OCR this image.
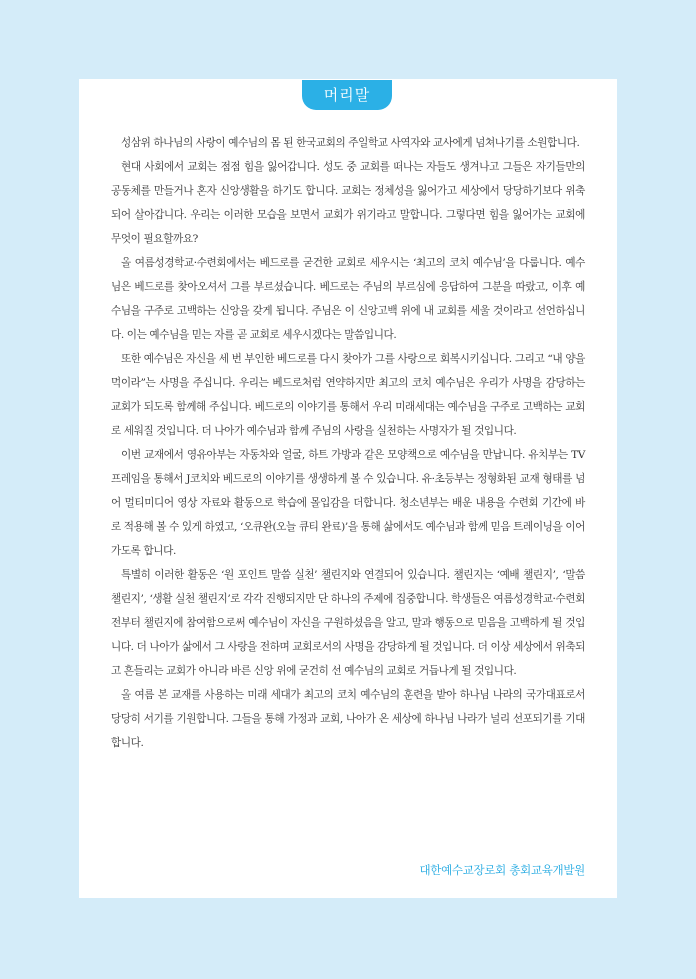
머리말

성삼위 하나님의 사랑이 예수님의 몸 된 한국교회의 주일학교 사역자와 교사에게 넘쳐나기를 소원합니다.

현대 사회에서 교회는 점점 힘을 잃어갑니다. 성도 중 교회를 떠나는 자들도 생겨나고 그들은 자기들만의 공동체를 만들거나 혼자 신앙생활을 하기도 합니다. 교회는 정체성을 잃어가고 세상에서 당당하기보다 위축되어 살아갑니다. 우리는 이러한 모습을 보면서 교회가 위기라고 말합니다. 그렇다면 힘을 잃어가는 교회에 무엇이 필요할까요?

올 여름성경학교·수련회에서는 베드로를 굳건한 교회로 세우시는 ‘최고의 코치 예수님’을 다룹니다. 예수님은 베드로를 찾아오셔서 그를 부르셨습니다. 베드로는 주님의 부르심에 응답하여 그분을 따랐고, 이후 예수님을 구주로 고백하는 신앙을 갖게 됩니다. 주님은 이 신앙고백 위에 내 교회를 세울 것이라고 선언하십니다. 이는 예수님을 믿는 자를 곧 교회로 세우시겠다는 말씀입니다.

또한 예수님은 자신을 세 번 부인한 베드로를 다시 찾아가 그를 사랑으로 회복시키십니다. 그리고 “내 양을 먹이라”는 사명을 주십니다. 우리는 베드로처럼 연약하지만 최고의 코치 예수님은 우리가 사명을 감당하는 교회가 되도록 함께해 주십니다. 베드로의 이야기를 통해서 우리 미래세대는 예수님을 구주로 고백하는 교회로 세워질 것입니다. 더 나아가 예수님과 함께 주님의 사랑을 실천하는 사명자가 될 것입니다.

이번 교재에서 영유아부는 자동차와 얼굴, 하트 가방과 같은 모양책으로 예수님을 만납니다. 유치부는 TV 프레임을 통해서 J코치와 베드로의 이야기를 생생하게 볼 수 있습니다. 유·초등부는 정형화된 교재 형태를 넘어 멀티미디어 영상 자료와 활동으로 학습에 몰입감을 더합니다. 청소년부는 배운 내용을 수련회 기간에 바로 적용해 볼 수 있게 하였고, ‘오큐완(오늘 큐티 완료)’을 통해 삶에서도 예수님과 함께 믿음 트레이닝을 이어가도록 합니다.

특별히 이러한 활동은 ‘원 포인트 말씀 실천’ 챌린지와 연결되어 있습니다. 챌린지는 ‘예배 챌린지’, ‘말씀 챌린지’, ‘생활 실천 챌린지’로 각각 진행되지만 단 하나의 주제에 집중합니다. 학생들은 여름성경학교·수련회 전부터 챌린지에 참여함으로써 예수님이 자신을 구원하셨음을 알고, 말과 행동으로 믿음을 고백하게 될 것입니다. 더 나아가 삶에서 그 사랑을 전하며 교회로서의 사명을 감당하게 될 것입니다. 더 이상 세상에서 위축되고 흔들리는 교회가 아니라 바른 신앙 위에 굳건히 선 예수님의 교회로 거듭나게 될 것입니다.

올 여름 본 교재를 사용하는 미래 세대가 최고의 코치 예수님의 훈련을 받아 하나님 나라의 국가대표로서 당당히 서기를 기원합니다. 그들을 통해 가정과 교회, 나아가 온 세상에 하나님 나라가 널리 선포되기를 기대합니다.

대한예수교장로회 총회교육개발원
